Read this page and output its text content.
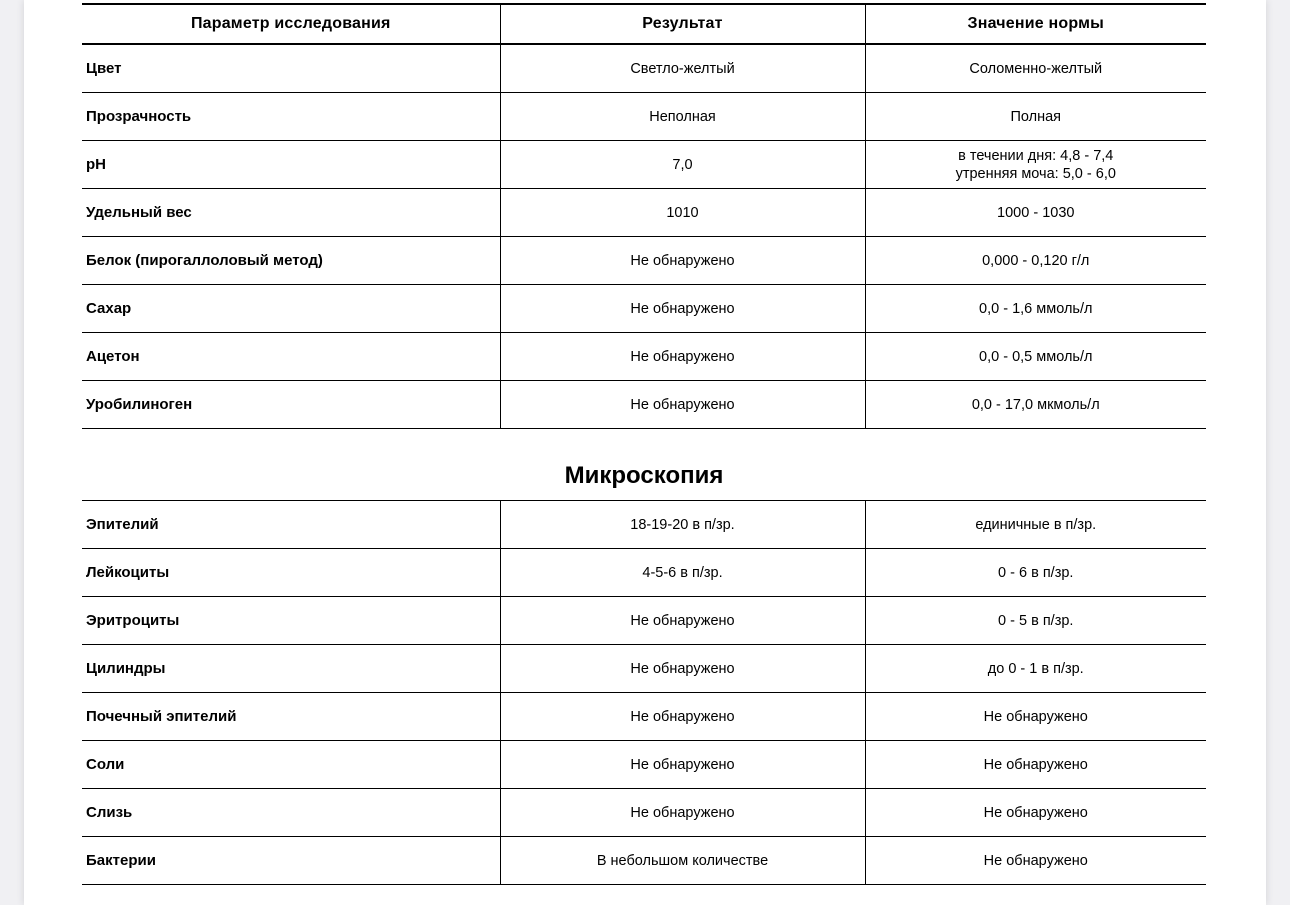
Параметр исследования	Результат	Значение нормы
Цвет	Светло-желтый	Соломенно-желтый
Прозрачность	Неполная	Полная
pH	7,0	в течении дня: 4,8 - 7,4
утренняя моча: 5,0 - 6,0

Удельный вес	1010	1000 - 1030
Белок (пирогаллоловый метод)	Не обнаружено	0,000 - 0,120 г/л
Сахар	Не обнаружено	0,0 - 1,6 ммоль/л
Ацетон	Не обнаружено	0,0 - 0,5 ммоль/л
Уробилиноген	Не обнаружено	0,0 - 17,0 мкмоль/л
Микроскопия
Эпителий	18-19-20 в п/зр.	единичные в п/зр.
Лейкоциты	4-5-6 в п/зр.	0 - 6 в п/зр.
Эритроциты	Не обнаружено	0 - 5 в п/зр.
Цилиндры	Не обнаружено	до 0 - 1 в п/зр.
Почечный эпителий	Не обнаружено	Не обнаружено
Соли	Не обнаружено	Не обнаружено
Слизь	Не обнаружено	Не обнаружено
Бактерии	В небольшом количестве	Не обнаружено
